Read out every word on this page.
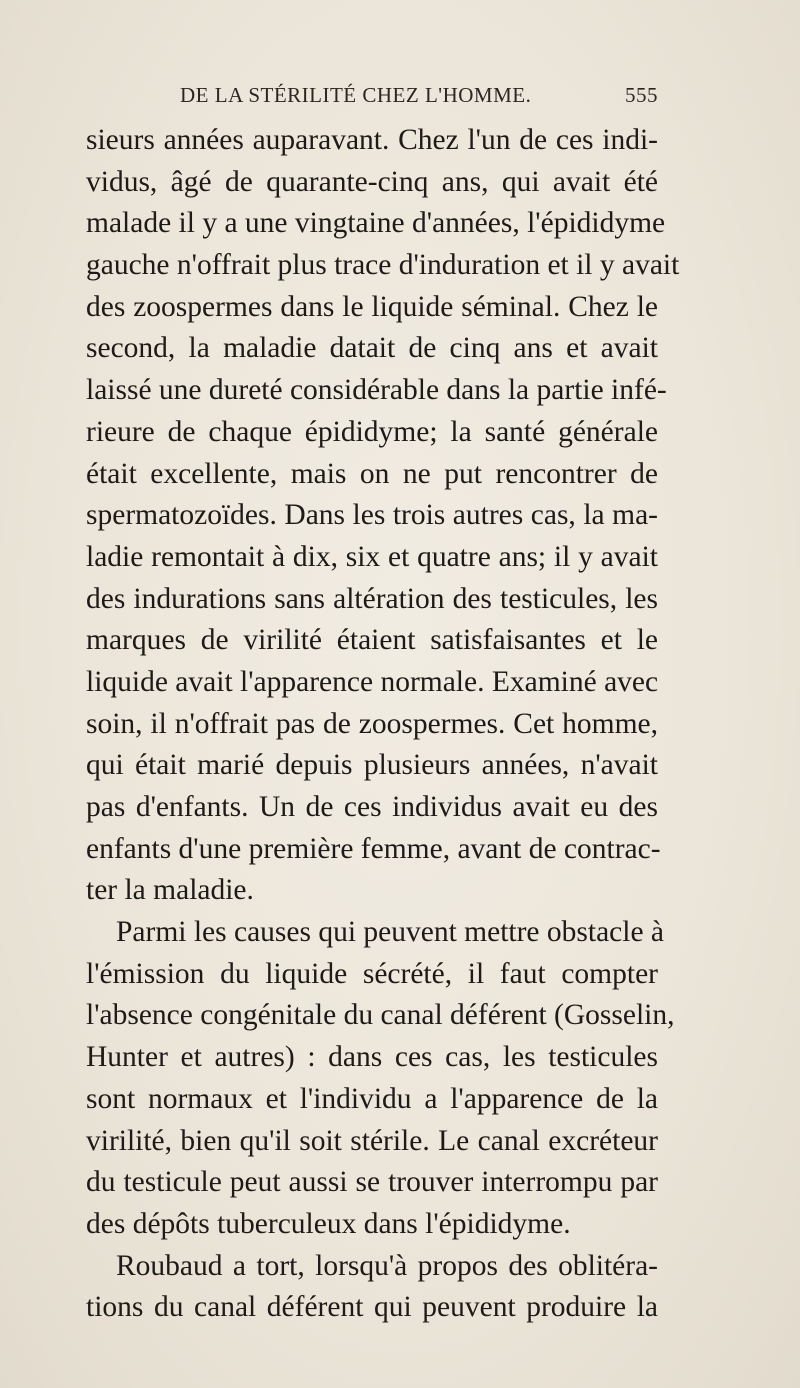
DE LA STÉRILITÉ CHEZ L'HOMME.	555
sieurs années auparavant. Chez l'un de ces indi-
vidus, âgé de quarante-cinq ans, qui avait été
malade il y a une vingtaine d'années, l'épididyme
gauche n'offrait plus trace d'induration et il y avait
des zoospermes dans le liquide séminal. Chez le
second, la maladie datait de cinq ans et avait
laissé une dureté considérable dans la partie infé-
rieure de chaque épididyme; la santé générale
était excellente, mais on ne put rencontrer de
spermatozoïdes. Dans les trois autres cas, la ma-
ladie remontait à dix, six et quatre ans; il y avait
des indurations sans altération des testicules, les
marques de virilité étaient satisfaisantes et le
liquide avait l'apparence normale. Examiné avec
soin, il n'offrait pas de zoospermes. Cet homme,
qui était marié depuis plusieurs années, n'avait
pas d'enfants. Un de ces individus avait eu des
enfants d'une première femme, avant de contrac-
ter la maladie.
Parmi les causes qui peuvent mettre obstacle à
l'émission du liquide sécrété, il faut compter
l'absence congénitale du canal déférent (Gosselin,
Hunter et autres) : dans ces cas, les testicules
sont normaux et l'individu a l'apparence de la
virilité, bien qu'il soit stérile. Le canal excréteur
du testicule peut aussi se trouver interrompu par
des dépôts tuberculeux dans l'épididyme.
Roubaud a tort, lorsqu'à propos des oblitéra-
tions du canal déférent qui peuvent produire la
